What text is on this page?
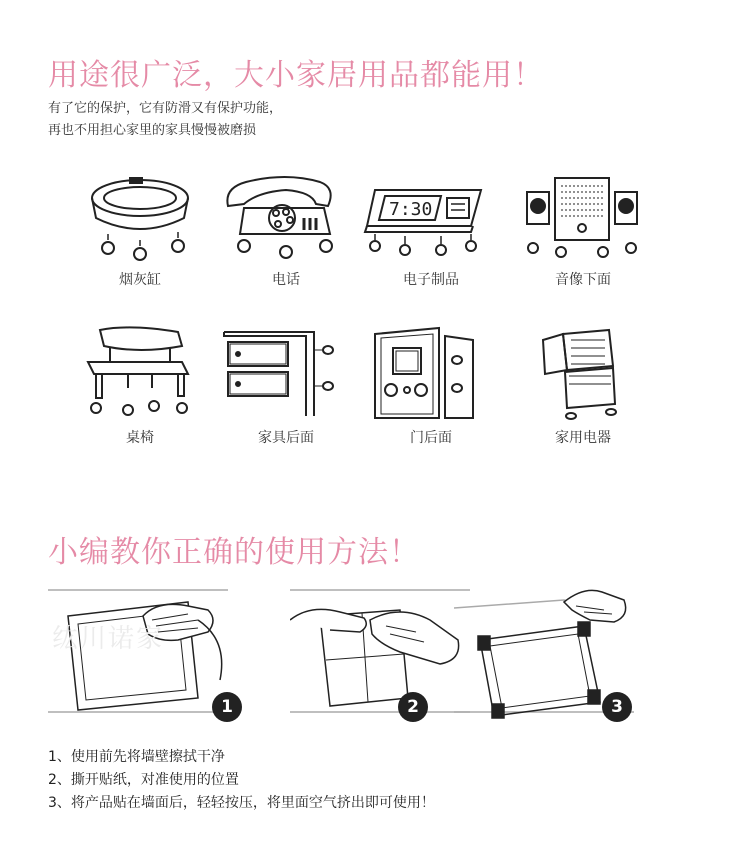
用途很广泛，大小家居用品都能用！
有了它的保护，它有防滑又有保护功能，
再也不用担心家里的家具慢慢被磨损
烟灰缸	电话
7:30
电子制品	音像下面
桌椅	家具后面	门后面	家用电器
小编教你正确的使用方法！
1	2	3
纮川诺家
1、使用前先将墙壁擦拭干净
2、撕开贴纸，对准使用的位置
3、将产品贴在墙面后，轻轻按压，将里面空气挤出即可使用！
